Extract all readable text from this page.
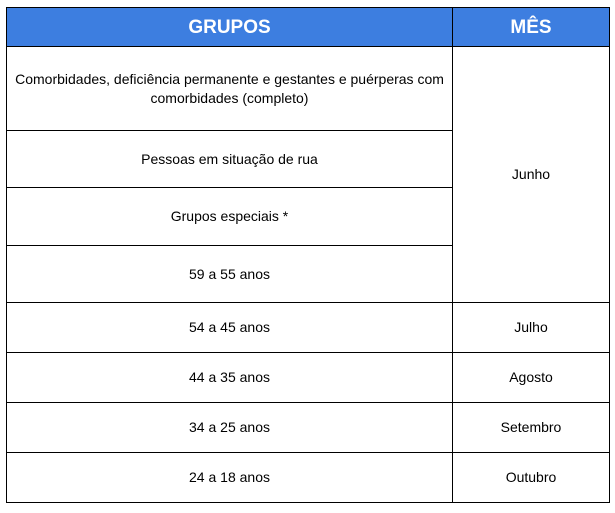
GRUPOS	MÊS
Comorbidades, deficiência permanente e gestantes e puérperas com comorbidades (completo)	Junho
Pessoas em situação de rua	
Grupos especiais *	
59 a 55 anos	
54 a 45 anos	Julho
44 a 35 anos	Agosto
34 a 25 anos	Setembro
24 a 18 anos	Outubro
